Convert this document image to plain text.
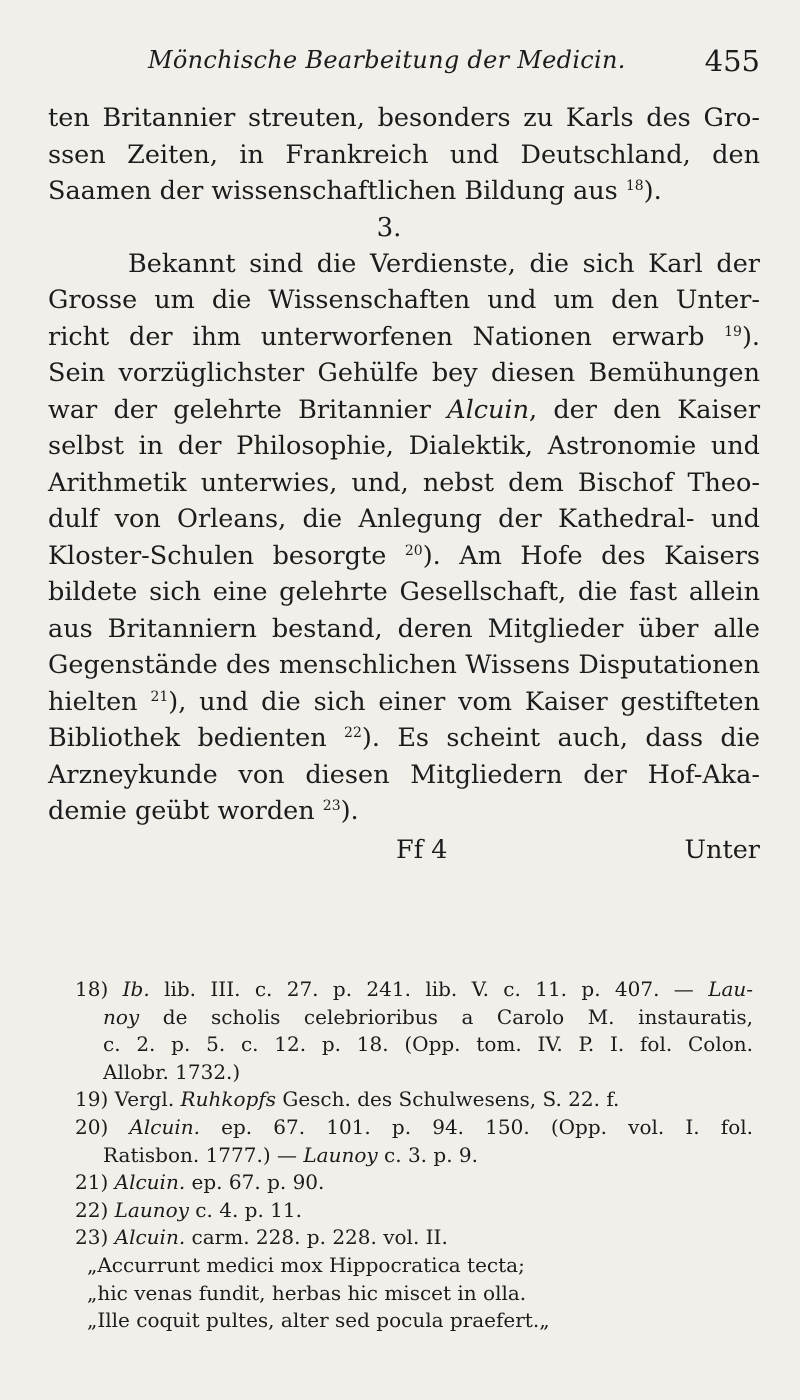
Mönchische Bearbeitung der Medicin.	455
ten Britannier streuten, besonders zu Karls des Gro-
ssen Zeiten, in Frankreich und Deutschland, den
Saamen der wissenschaftlichen Bildung aus $^{18}$).
3.
Bekannt sind die Verdienste, die sich Karl der
Grosse um die Wissenschaften und um den Unter-
richt der ihm unterworfenen Nationen erwarb $^{19}$).
Sein vorzüglichster Gehülfe bey diesen Bemühungen
war der gelehrte Britannier Alcuin, der den Kaiser
selbst in der Philosophie, Dialektik, Astronomie und
Arithmetik unterwies, und, nebst dem Bischof Theo-
dulf von Orleans, die Anlegung der Kathedral- und
Kloster-Schulen besorgte $^{20}$). Am Hofe des Kaisers
bildete sich eine gelehrte Gesellschaft, die fast allein
aus Britanniern bestand, deren Mitglieder über alle
Gegenstände des menschlichen Wissens Disputationen
hielten $^{21}$), und die sich einer vom Kaiser gestifteten
Bibliothek bedienten $^{22}$). Es scheint auch, dass die
Arzneykunde von diesen Mitgliedern der Hof-Aka-
demie geübt worden $^{23}$).
Ff 4	Unter
18) Ib. lib. III. c. 27. p. 241. lib. V. c. 11. p. 407. — Lau-
noy de scholis celebrioribus a Carolo M. instauratis,
c. 2. p. 5. c. 12. p. 18. (Opp. tom. IV. P. I. fol. Colon.
Allobr. 1732.)
19) Vergl. Ruhkopfs Gesch. des Schulwesens, S. 22. f.
20) Alcuin. ep. 67. 101. p. 94. 150. (Opp. vol. I. fol.
Ratisbon. 1777.) — Launoy c. 3. p. 9.
21) Alcuin. ep. 67. p. 90.
22) Launoy c. 4. p. 11.
23) Alcuin. carm. 228. p. 228. vol. II.
„Accurrunt medici mox Hippocratica tecta;
„hic venas fundit, herbas hic miscet in olla.
„Ille coquit pultes, alter sed pocula praefert.„
